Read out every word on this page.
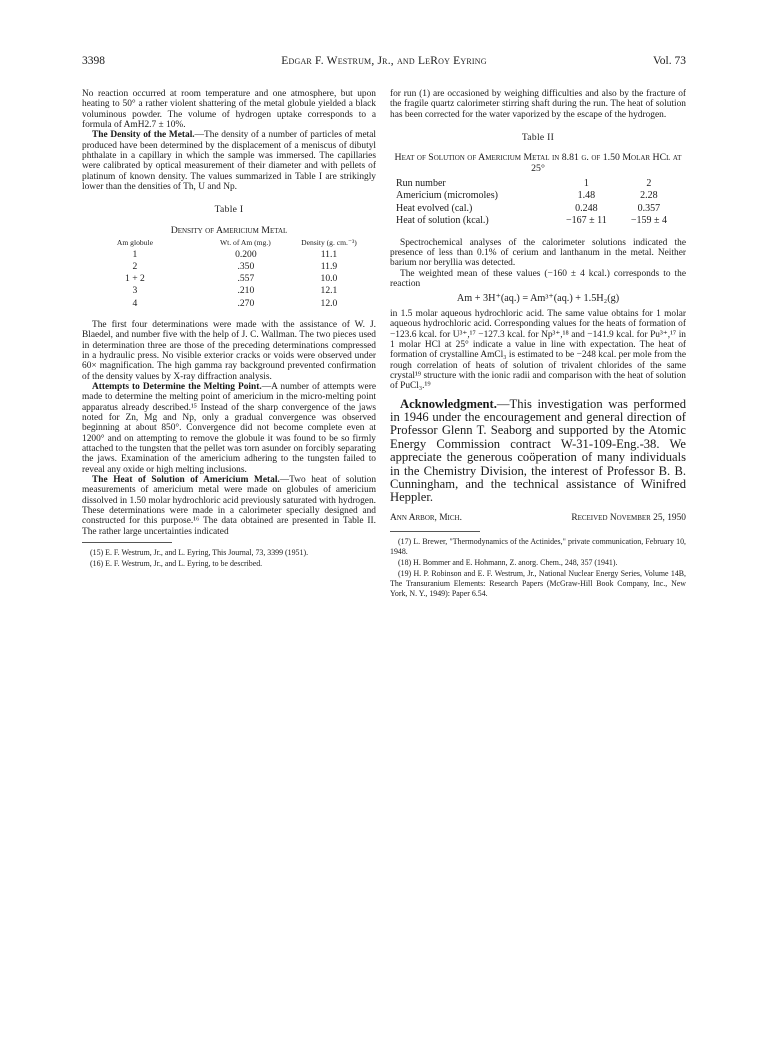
3398	Edgar F. Westrum, Jr., and LeRoy Eyring	Vol. 73

No reaction occurred at room temperature and one atmosphere, but upon heating to 50° a rather violent shattering of the metal globule yielded a black voluminous powder. The volume of hydrogen uptake corresponds to a formula of AmH2.7 ± 10%.

The Density of the Metal.—The density of a number of particles of metal produced have been determined by the displacement of a meniscus of dibutyl phthalate in a capillary in which the sample was immersed. The capillaries were calibrated by optical measurement of their diameter and with pellets of platinum of known density. The values summarized in Table I are strikingly lower than the densities of Th, U and Np.

Table I
Density of Americium Metal
Am globule	Wt. of Am (mg.)	Density (g. cm.⁻³)
1	0.200	11.1
2	.350	11.9
1 + 2	.557	10.0
3	.210	12.1
4	.270	12.0

The first four determinations were made with the assistance of W. J. Blaedel, and number five with the help of J. C. Wallman. The two pieces used in determination three are those of the preceding determinations compressed in a hydraulic press. No visible exterior cracks or voids were observed under 60× magnification. The high gamma ray background prevented confirmation of the density values by X-ray diffraction analysis.

Attempts to Determine the Melting Point.—A number of attempts were made to determine the melting point of americium in the micro-melting point apparatus already described.¹⁵ Instead of the sharp convergence of the jaws noted for Zn, Mg and Np, only a gradual convergence was observed beginning at about 850°. Convergence did not become complete even at 1200° and on attempting to remove the globule it was found to be so firmly attached to the tungsten that the pellet was torn asunder on forcibly separating the jaws. Examination of the americium adhering to the tungsten failed to reveal any oxide or high melting inclusions.

The Heat of Solution of Americium Metal.—Two heat of solution measurements of americium metal were made on globules of americium dissolved in 1.50 molar hydrochloric acid previously saturated with hydrogen. These determinations were made in a calorimeter specially designed and constructed for this purpose.¹⁶ The data obtained are presented in Table II. The rather large uncertainties indicated

(15) E. F. Westrum, Jr., and L. Eyring, This Journal, 73, 3399 (1951).

(16) E. F. Westrum, Jr., and L. Eyring, to be described.

for run (1) are occasioned by weighing difficulties and also by the fracture of the fragile quartz calorimeter stirring shaft during the run. The heat of solution has been corrected for the water vaporized by the escape of the hydrogen.

Table II
Heat of Solution of Americium Metal in 8.81 g. of 1.50 Molar HCl at 25°
Run number	1	2
Americium (micromoles)	1.48	2.28
Heat evolved (cal.)	0.248	0.357
Heat of solution (kcal.)	−167 ± 11	−159 ± 4

Spectrochemical analyses of the calorimeter solutions indicated the presence of less than 0.1% of cerium and lanthanum in the metal. Neither barium nor beryllia was detected.

The weighted mean of these values (−160 ± 4 kcal.) corresponds to the reaction

Am + 3H⁺(aq.) = Am³⁺(aq.) + 1.5H₂(g)

in 1.5 molar aqueous hydrochloric acid. The same value obtains for 1 molar aqueous hydrochloric acid. Corresponding values for the heats of formation of −123.6 kcal. for U³⁺,¹⁷ −127.3 kcal. for Np³⁺,¹⁸ and −141.9 kcal. for Pu³⁺,¹⁷ in 1 molar HCl at 25° indicate a value in line with expectation. The heat of formation of crystalline AmCl₃ is estimated to be −248 kcal. per mole from the rough correlation of heats of solution of trivalent chlorides of the same crystal¹⁹ structure with the ionic radii and comparison with the heat of solution of PuCl₃.¹⁹

Acknowledgment.—This investigation was performed in 1946 under the encouragement and general direction of Professor Glenn T. Seaborg and supported by the Atomic Energy Commission contract W-31-109-Eng.-38. We appreciate the generous coöperation of many individuals in the Chemistry Division, the interest of Professor B. B. Cunningham, and the technical assistance of Winifred Heppler.

Ann Arbor, Mich.	Received November 25, 1950

(17) L. Brewer, "Thermodynamics of the Actinides," private communication, February 10, 1948.

(18) H. Bommer and E. Hohmann, Z. anorg. Chem., 248, 357 (1941).

(19) H. P. Robinson and E. F. Westrum, Jr., National Nuclear Energy Series, Volume 14B, The Transuranium Elements: Research Papers (McGraw-Hill Book Company, Inc., New York, N. Y., 1949): Paper 6.54.
